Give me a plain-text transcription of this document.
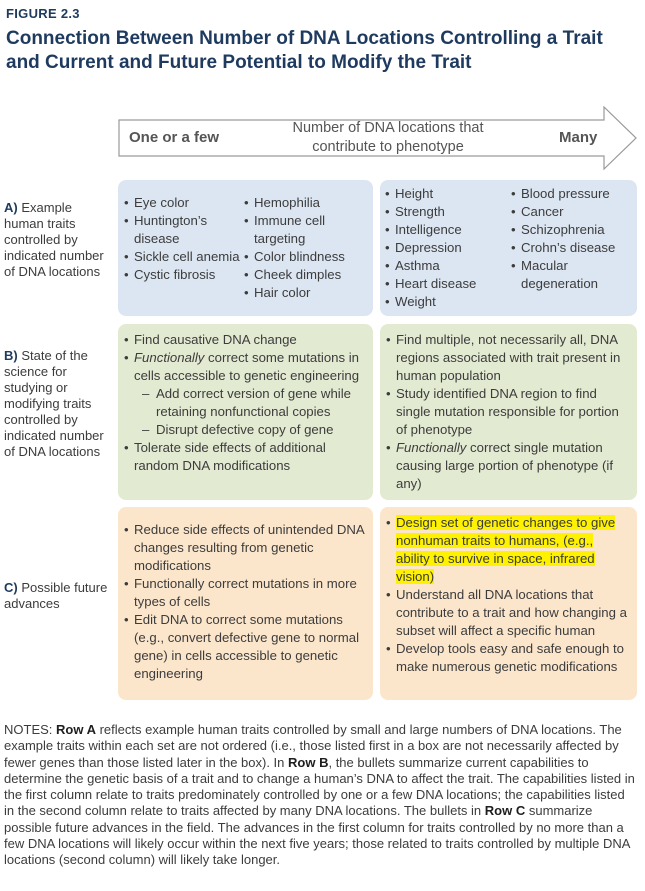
FIGURE 2.3
Connection Between Number of DNA Locations Controlling a Trait and Current and Future Potential to Modify the Trait
One or a few
Number of DNA locations that contribute to phenotype
Many
A) Example human traits controlled by indicated number of DNA locations
• Eye color
• Huntington’s disease
• Sickle cell anemia
• Cystic fibrosis
• Hemophilia
• Immune cell targeting
• Color blindness
• Cheek dimples
• Hair color
• Height
• Strength
• Intelligence
• Depression
• Asthma
• Heart disease
• Weight
• Blood pressure
• Cancer
• Schizophrenia
• Crohn’s disease
• Macular degeneration
B) State of the science for studying or modifying traits controlled by indicated number of DNA locations
• Find causative DNA change
• Functionally correct some mutations in cells accessible to genetic engineering
– Add correct version of gene while retaining nonfunctional copies
– Disrupt defective copy of gene
• Tolerate side effects of additional random DNA modifications
• Find multiple, not necessarily all, DNA regions associated with trait present in human population
• Study identified DNA region to find single mutation responsible for portion of phenotype
• Functionally correct single mutation causing large portion of phenotype (if any)
C) Possible future advances
• Reduce side effects of unintended DNA changes resulting from genetic modifications
• Functionally correct mutations in more types of cells
• Edit DNA to correct some mutations (e.g., convert defective gene to normal gene) in cells accessible to genetic engineering
• Design set of genetic changes to give nonhuman traits to humans, (e.g., ability to survive in space, infrared vision)
• Understand all DNA locations that contribute to a trait and how changing a subset will affect a specific human
• Develop tools easy and safe enough to make numerous genetic modifications
NOTES: Row A reflects example human traits controlled by small and large numbers of DNA locations. The example traits within each set are not ordered (i.e., those listed first in a box are not necessarily affected by fewer genes than those listed later in the box). In Row B, the bullets summarize current capabilities to determine the genetic basis of a trait and to change a human’s DNA to affect the trait. The capabilities listed in the first column relate to traits predominately controlled by one or a few DNA locations; the capabilities listed in the second column relate to traits affected by many DNA locations. The bullets in Row C summarize possible future advances in the field. The advances in the first column for traits controlled by no more than a few DNA locations will likely occur within the next five years; those related to traits controlled by multiple DNA locations (second column) will likely take longer.
